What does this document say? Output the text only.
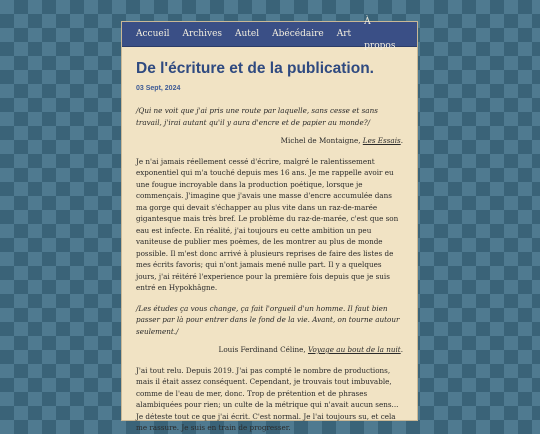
Accueil Archives Autel Abécédaire Art
À propos
De l'écriture et de la publication.
03 Sept, 2024
/Qui ne voit que j'ai pris une route par laquelle, sans cesse et sans travail, j'irai autant qu'il y aura d'encre et de papier au monde?/
Michel de Montaigne, Les Essais.

Je n'ai jamais réellement cessé d'écrire, malgré le ralentissement exponentiel qui m'a touché depuis mes 16 ans. Je me rappelle avoir eu une fougue incroyable dans la production poétique, lorsque je commençais. J'imagine que j'avais une masse d'encre accumulée dans ma gorge qui devait s'échapper au plus vite dans un raz-de-marée gigantesque mais très bref. Le problème du raz-de-marée, c'est que son eau est infecte. En réalité, j'ai toujours eu cette ambition un peu vaniteuse de publier mes poèmes, de les montrer au plus de monde possible. Il m'est donc arrivé à plusieurs reprises de faire des listes de mes écrits favoris; qui n'ont jamais mené nulle part. Il y a quelques jours, j'ai réitéré l'experience pour la première fois depuis que je suis entré en Hypokhâgne.

/Les études ça vous change, ça fait l'orgueil d'un homme. Il faut bien passer par là pour entrer dans le fond de la vie. Avant, on tourne autour seulement./
Louis Ferdinand Céline, Voyage au bout de la nuit.

J'ai tout relu. Depuis 2019. J'ai pas compté le nombre de productions, mais il était assez conséquent. Cependant, je trouvais tout imbuvable, comme de l'eau de mer, donc. Trop de prétention et de phrases alambiquées pour rien; un culte de la métrique qui n'avait aucun sens... Je déteste tout ce que j'ai écrit. C'est normal. Je l'ai toujours su, et cela me rassure. Je suis en train de progresser.
